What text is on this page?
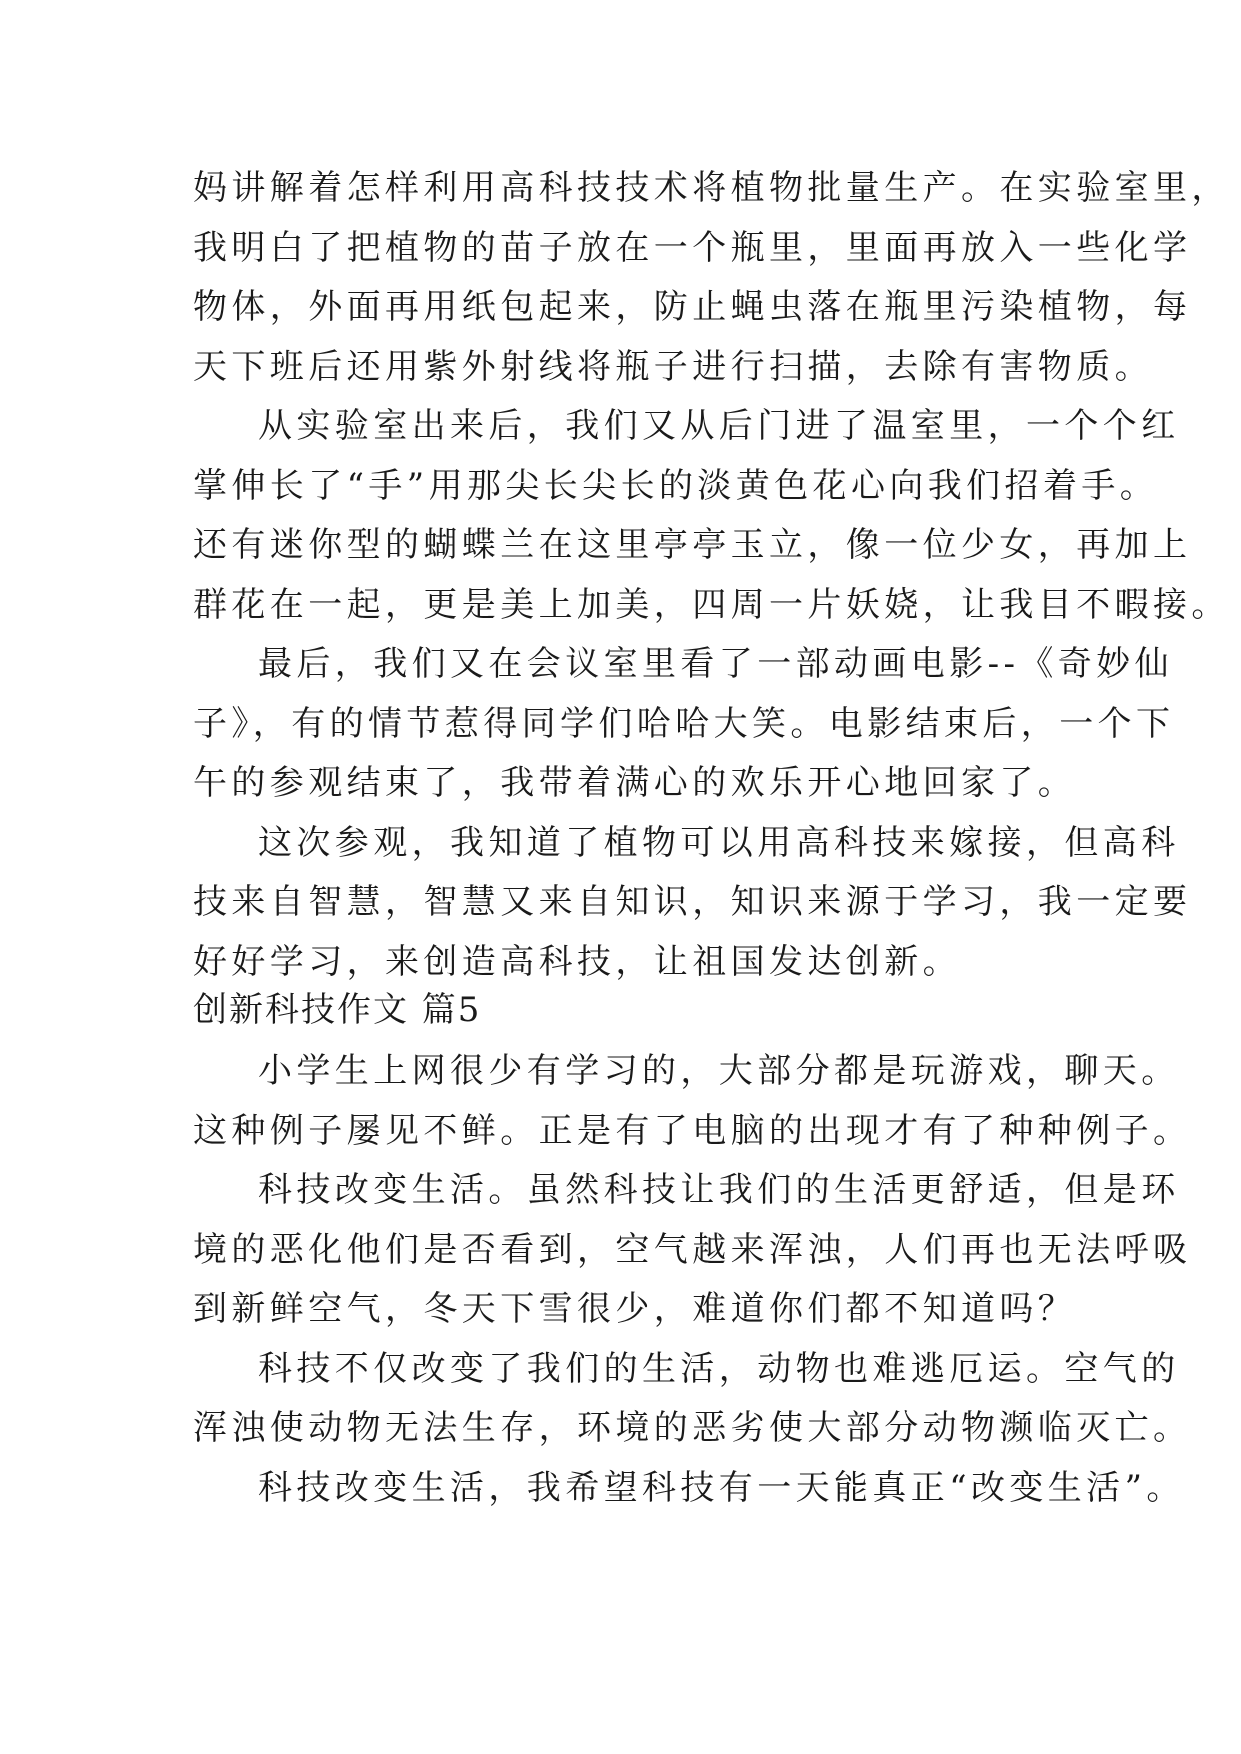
妈讲解着怎样利用高科技技术将植物批量生产。在实验室里，
我明白了把植物的苗子放在一个瓶里，里面再放入一些化学
物体，外面再用纸包起来，防止蝇虫落在瓶里污染植物，每
天下班后还用紫外射线将瓶子进行扫描，去除有害物质。
从实验室出来后，我们又从后门进了温室里，一个个红
掌伸长了“手”用那尖长尖长的淡黄色花心向我们招着手。
还有迷你型的蝴蝶兰在这里亭亭玉立，像一位少女，再加上
群花在一起，更是美上加美，四周一片妖娆，让我目不暇接。
最后，我们又在会议室里看了一部动画电影--《奇妙仙
子》，有的情节惹得同学们哈哈大笑。电影结束后，一个下
午的参观结束了，我带着满心的欢乐开心地回家了。
这次参观，我知道了植物可以用高科技来嫁接，但高科
技来自智慧，智慧又来自知识，知识来源于学习，我一定要
好好学习，来创造高科技，让祖国发达创新。
创新科技作文 篇5
小学生上网很少有学习的，大部分都是玩游戏，聊天。
这种例子屡见不鲜。正是有了电脑的出现才有了种种例子。
科技改变生活。虽然科技让我们的生活更舒适，但是环
境的恶化他们是否看到，空气越来浑浊，人们再也无法呼吸
到新鲜空气，冬天下雪很少，难道你们都不知道吗？
科技不仅改变了我们的生活，动物也难逃厄运。空气的
浑浊使动物无法生存，环境的恶劣使大部分动物濒临灭亡。
科技改变生活，我希望科技有一天能真正“改变生活”。
